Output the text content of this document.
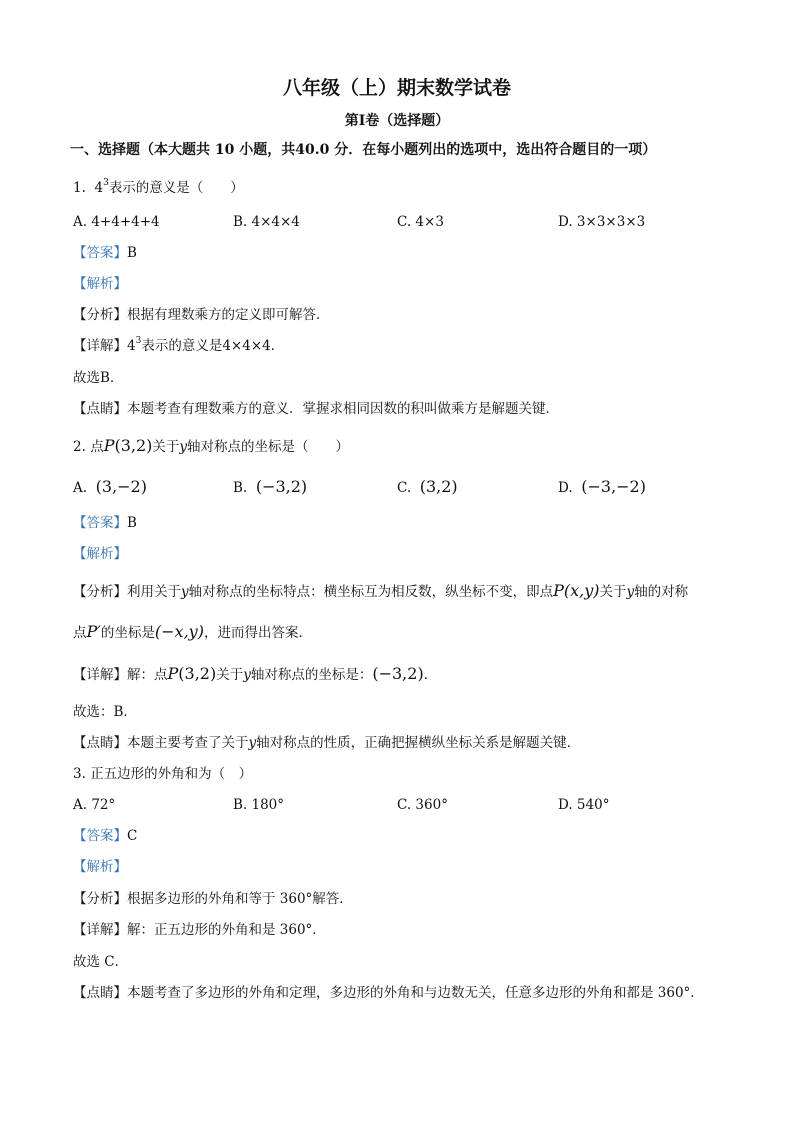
八年级（上）期末数学试卷
第I卷（选择题）
一、选择题（本大题共 10 小题，共40.0 分．在每小题列出的选项中，选出符合题目的一项）
1. $4^3$表示的意义是（　　）
A. 4+4+4+4	B. 4×4×4	C. 4×3	D. 3×3×3×3
【答案】B
【解析】
【分析】根据有理数乘方的定义即可解答．
【详解】$4^3$表示的意义是4×4×4．
故选B．
【点睛】本题考查有理数乘方的意义．掌握求相同因数的积叫做乘方是解题关键．
2. 点P(3,2)关于y轴对称点的坐标是（　　）
A. (3,−2)	B. (−3,2)	C. (3,2)	D. (−3,−2)
【答案】B
【解析】
【分析】利用关于y轴对称点的坐标特点：横坐标互为相反数，纵坐标不变，即点P(x,y)关于y轴的对称
点P′的坐标是(−x,y)，进而得出答案．
【详解】解：点P(3,2)关于y轴对称点的坐标是：(−3,2)．
故选：B．
【点睛】本题主要考查了关于y轴对称点的性质，正确把握横纵坐标关系是解题关键．
3. 正五边形的外角和为（　）
A. 72°	B. 180°	C. 360°	D. 540°
【答案】C
【解析】
【分析】根据多边形的外角和等于 360°解答．
【详解】解：正五边形的外角和是 360°．
故选 C．
【点睛】本题考查了多边形的外角和定理，多边形的外角和与边数无关，任意多边形的外角和都是 360°．
